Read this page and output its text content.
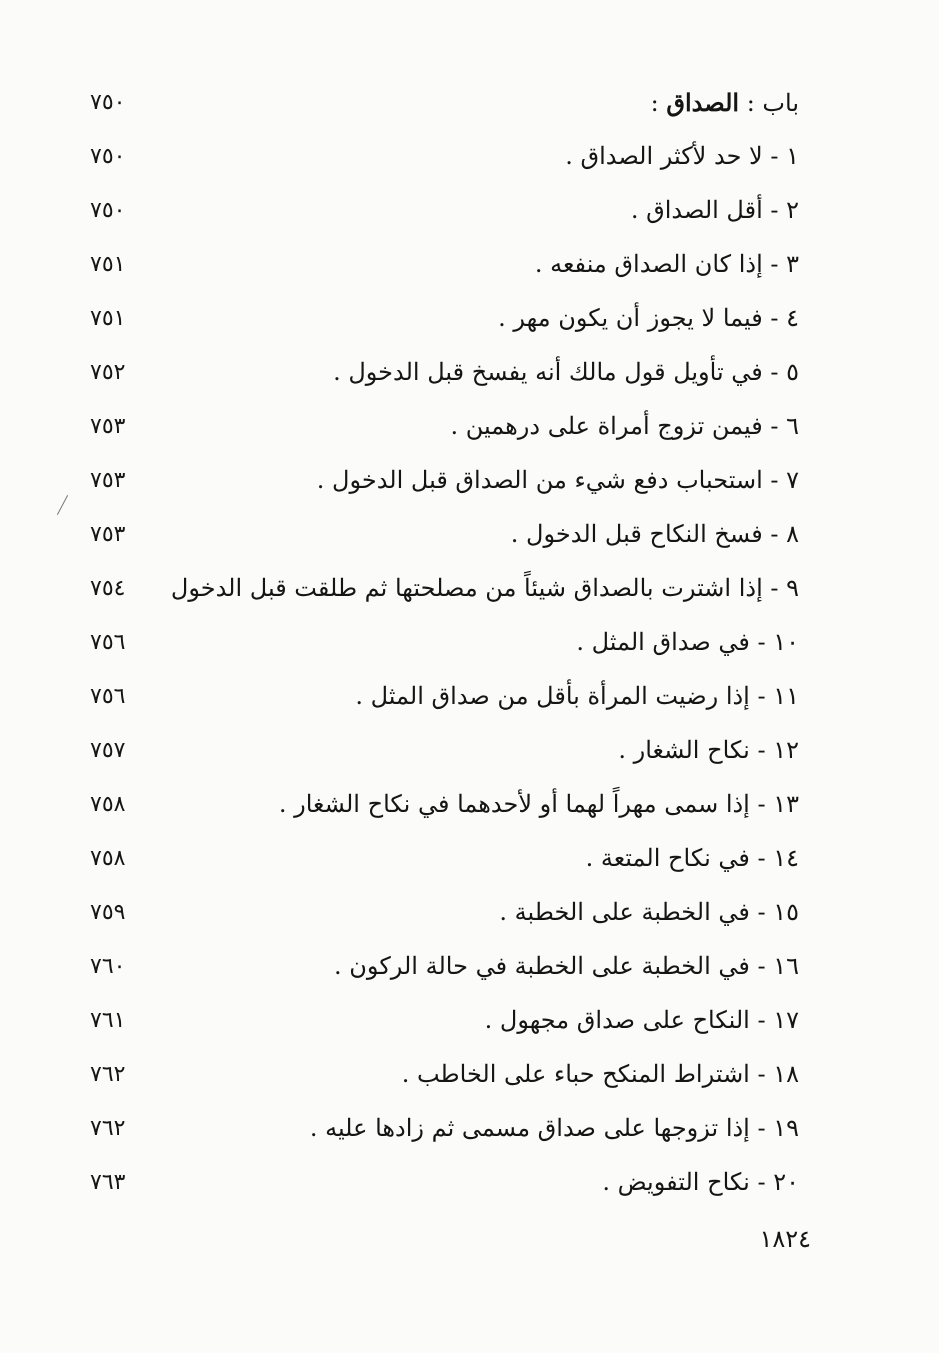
باب : الصداق :
٧٥٠
١ - لا حد لأكثر الصداق .
٧٥٠
٢ - أقل الصداق .
٧٥٠
٣ - إذا كان الصداق منفعه .
٧٥١
٤ - فيما لا يجوز أن يكون مهر .
٧٥١
٥ - في تأويل قول مالك أنه يفسخ قبل الدخول .
٧٥٢
٦ - فيمن تزوج أمراة على درهمين .
٧٥٣
٧ - استحباب دفع شيء من الصداق قبل الدخول .
٧٥٣
٨ - فسخ النكاح قبل الدخول .
٧٥٣
٩ - إذا اشترت بالصداق شيئاً من مصلحتها ثم طلقت قبل الدخول
٧٥٤
١٠ - في صداق المثل .
٧٥٦
١١ - إذا رضيت المرأة بأقل من صداق المثل .
٧٥٦
١٢ - نكاح الشغار .
٧٥٧
١٣ - إذا سمى مهراً لهما أو لأحدهما في نكاح الشغار .
٧٥٨
١٤ - في نكاح المتعة .
٧٥٨
١٥ - في الخطبة على الخطبة .
٧٥٩
١٦ - في الخطبة على الخطبة في حالة الركون .
٧٦٠
١٧ - النكاح على صداق مجهول .
٧٦١
١٨ - اشتراط المنكح حباء على الخاطب .
٧٦٢
١٩ - إذا تزوجها على صداق مسمى ثم زادها عليه .
٧٦٢
٢٠ - نكاح التفويض .
٧٦٣
١٨٢٤
